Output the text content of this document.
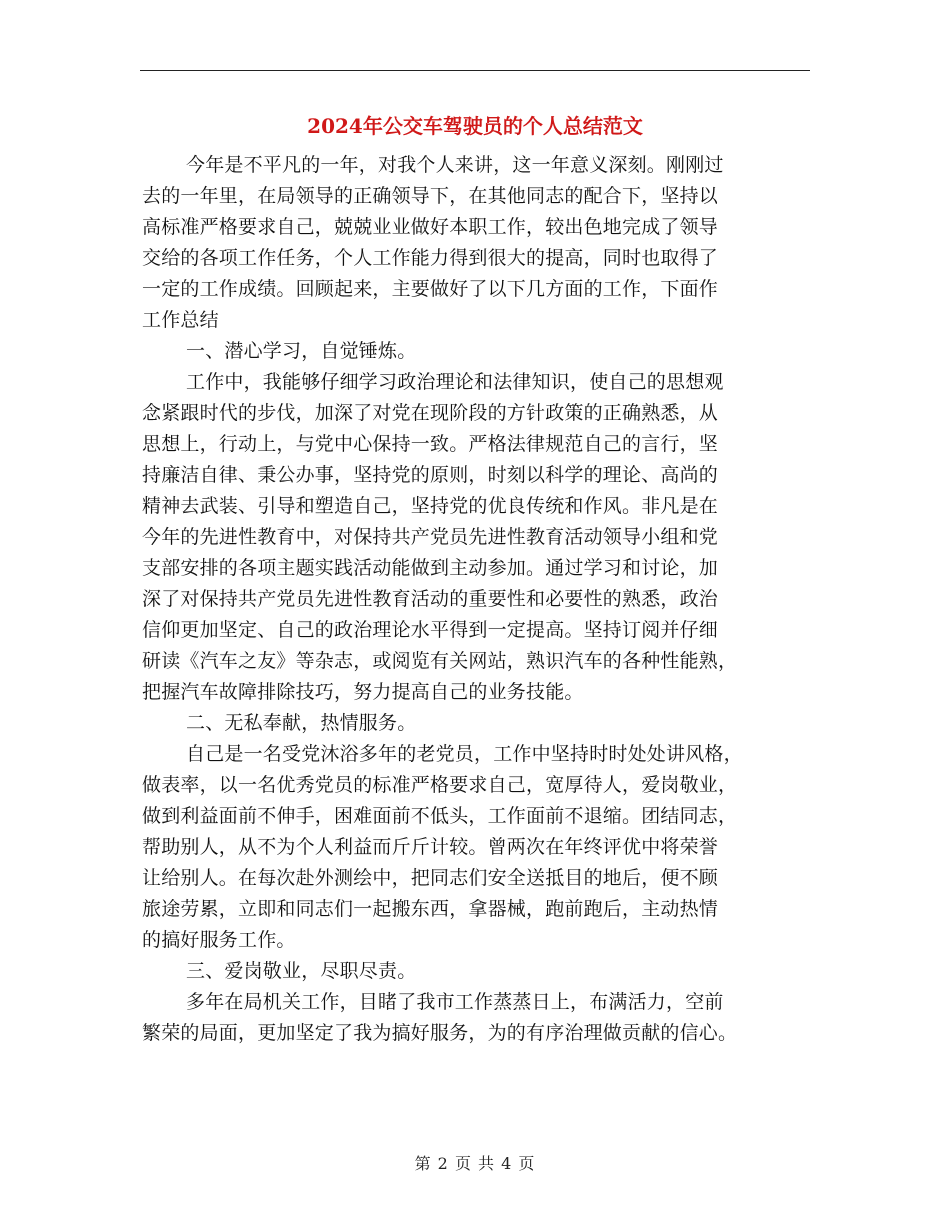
2024年公交车驾驶员的个人总结范文
今年是不平凡的一年，对我个人来讲，这一年意义深刻。刚刚过
去的一年里，在局领导的正确领导下，在其他同志的配合下，坚持以
高标准严格要求自己，兢兢业业做好本职工作，较出色地完成了领导
交给的各项工作任务，个人工作能力得到很大的提高，同时也取得了
一定的工作成绩。回顾起来，主要做好了以下几方面的工作，下面作
工作总结
一、潜心学习，自觉锤炼。
工作中，我能够仔细学习政治理论和法律知识，使自己的思想观
念紧跟时代的步伐，加深了对党在现阶段的方针政策的正确熟悉，从
思想上，行动上，与党中心保持一致。严格法律规范自己的言行，坚
持廉洁自律、秉公办事，坚持党的原则，时刻以科学的理论、高尚的
精神去武装、引导和塑造自己，坚持党的优良传统和作风。非凡是在
今年的先进性教育中，对保持共产党员先进性教育活动领导小组和党
支部安排的各项主题实践活动能做到主动参加。通过学习和讨论，加
深了对保持共产党员先进性教育活动的重要性和必要性的熟悉，政治
信仰更加坚定、自己的政治理论水平得到一定提高。坚持订阅并仔细
研读《汽车之友》等杂志，或阅览有关网站，熟识汽车的各种性能熟，
把握汽车故障排除技巧，努力提高自己的业务技能。
二、无私奉献，热情服务。
自己是一名受党沐浴多年的老党员，工作中坚持时时处处讲风格，
做表率，以一名优秀党员的标准严格要求自己，宽厚待人，爱岗敬业，
做到利益面前不伸手，困难面前不低头，工作面前不退缩。团结同志，
帮助别人，从不为个人利益而斤斤计较。曾两次在年终评优中将荣誉
让给别人。在每次赴外测绘中，把同志们安全送抵目的地后，便不顾
旅途劳累，立即和同志们一起搬东西，拿器械，跑前跑后，主动热情
的搞好服务工作。
三、爱岗敬业，尽职尽责。
多年在局机关工作，目睹了我市工作蒸蒸日上，布满活力，空前
繁荣的局面，更加坚定了我为搞好服务，为的有序治理做贡献的信心。
第 2 页 共 4 页
